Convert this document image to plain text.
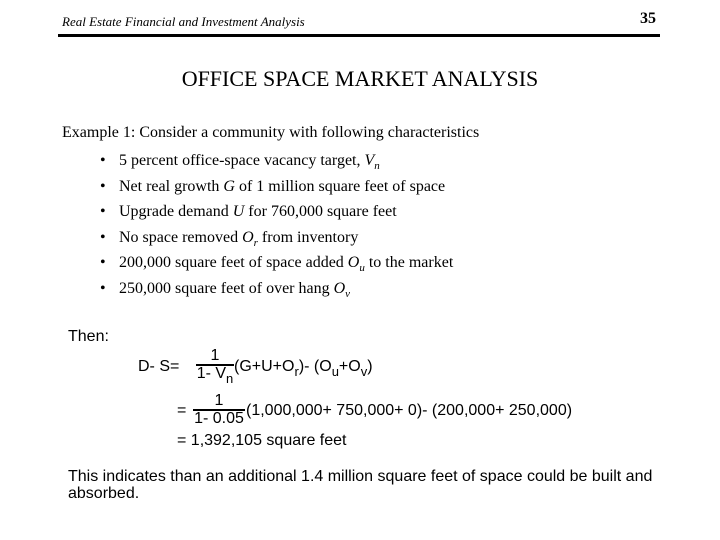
Real Estate Financial and Investment Analysis	35
OFFICE SPACE MARKET ANALYSIS
Example 1: Consider a community with following characteristics
• 5 percent office-space vacancy target, $V_n$
• Net real growth G of 1 million square feet of space
• Upgrade demand U for 760,000 square feet
• No space removed $O_r$ from inventory
• 200,000 square feet of space added $O_u$ to the market
• 250,000 square feet of over hang $O_v$
Then:
D- S=
1
1- $V_n$
$(G+U+O_r)-$ $(O_u+O_v)$
=
1
1- 0.05 (1,000,000+ 750,000+ 0)- (200,000+ 250,000)
= 1,392,105 square feet
This indicates than an additional 1.4 million square feet of space could be built and absorbed.
